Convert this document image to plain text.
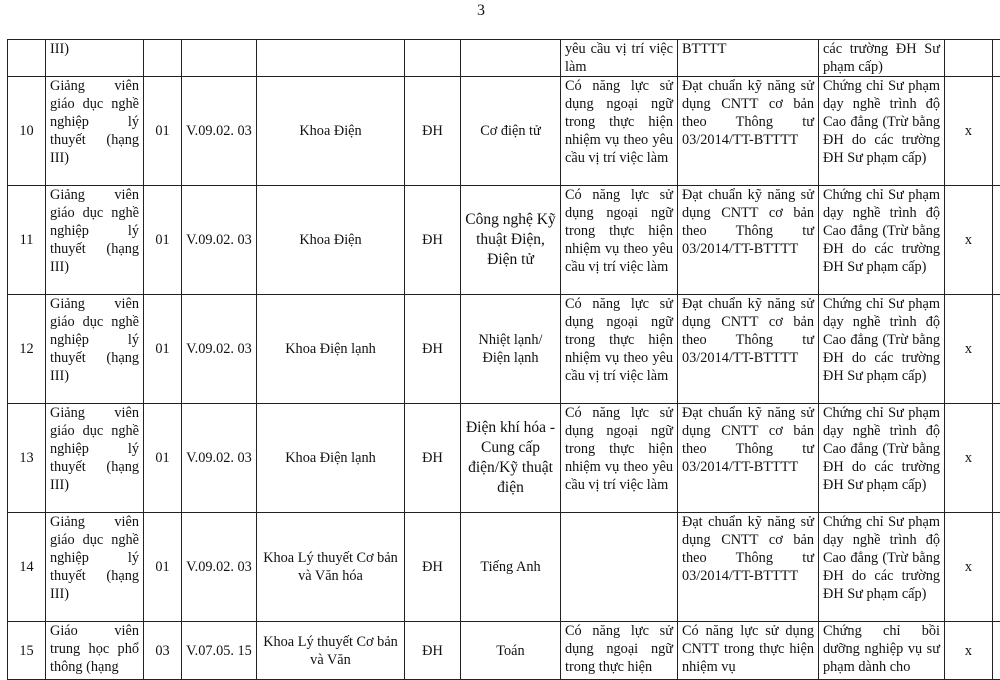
3
	III)						yêu cầu vị trí việc làm	BTTTT	các trường ĐH Sư phạm cấp)		
10	Giảng viên giáo dục nghề nghiệp lý thuyết (hạng III)	01	V.09.02. 03	Khoa Điện	ĐH	Cơ điện tử	Có năng lực sử dụng ngoại ngữ trong thực hiện nhiệm vụ theo yêu cầu vị trí việc làm	Đạt chuẩn kỹ năng sử dụng CNTT cơ bản theo Thông tư 03/2014/TT-BTTTT	Chứng chỉ Sư phạm dạy nghề trình độ Cao đẳng (Trừ bằng ĐH do các trường ĐH Sư phạm cấp)	x	
11	Giảng viên giáo dục nghề nghiệp lý thuyết (hạng III)	01	V.09.02. 03	Khoa Điện	ĐH	Công nghệ Kỹ thuật Điện, Điện tử	Có năng lực sử dụng ngoại ngữ trong thực hiện nhiệm vụ theo yêu cầu vị trí việc làm	Đạt chuẩn kỹ năng sử dụng CNTT cơ bản theo Thông tư 03/2014/TT-BTTTT	Chứng chỉ Sư phạm dạy nghề trình độ Cao đẳng (Trừ bằng ĐH do các trường ĐH Sư phạm cấp)	x	
12	Giảng viên giáo dục nghề nghiệp lý thuyết (hạng III)	01	V.09.02. 03	Khoa Điện lạnh	ĐH	Nhiệt lạnh/ Điện lạnh	Có năng lực sử dụng ngoại ngữ trong thực hiện nhiệm vụ theo yêu cầu vị trí việc làm	Đạt chuẩn kỹ năng sử dụng CNTT cơ bản theo Thông tư 03/2014/TT-BTTTT	Chứng chỉ Sư phạm dạy nghề trình độ Cao đẳng (Trừ bằng ĐH do các trường ĐH Sư phạm cấp)	x	
13	Giảng viên giáo dục nghề nghiệp lý thuyết (hạng III)	01	V.09.02. 03	Khoa Điện lạnh	ĐH	Điện khí hóa -Cung cấp điện/Kỹ thuật điện	Có năng lực sử dụng ngoại ngữ trong thực hiện nhiệm vụ theo yêu cầu vị trí việc làm	Đạt chuẩn kỹ năng sử dụng CNTT cơ bản theo Thông tư 03/2014/TT-BTTTT	Chứng chỉ Sư phạm dạy nghề trình độ Cao đẳng (Trừ bằng ĐH do các trường ĐH Sư phạm cấp)	x	
14	Giảng viên giáo dục nghề nghiệp lý thuyết (hạng III)	01	V.09.02. 03	Khoa Lý thuyết Cơ bản và Văn hóa	ĐH	Tiếng Anh		Đạt chuẩn kỹ năng sử dụng CNTT cơ bản theo Thông tư 03/2014/TT-BTTTT	Chứng chỉ Sư phạm dạy nghề trình độ Cao đẳng (Trừ bằng ĐH do các trường ĐH Sư phạm cấp)	x	
15	Giáo viên trung học phổ thông (hạng	03	V.07.05. 15	Khoa Lý thuyết Cơ bản và Văn	ĐH	Toán	Có năng lực sử dụng ngoại ngữ trong thực hiện	Có năng lực sử dụng CNTT trong thực hiện nhiệm vụ	Chứng chỉ bồi dưỡng nghiệp vụ sư phạm dành cho	x	
